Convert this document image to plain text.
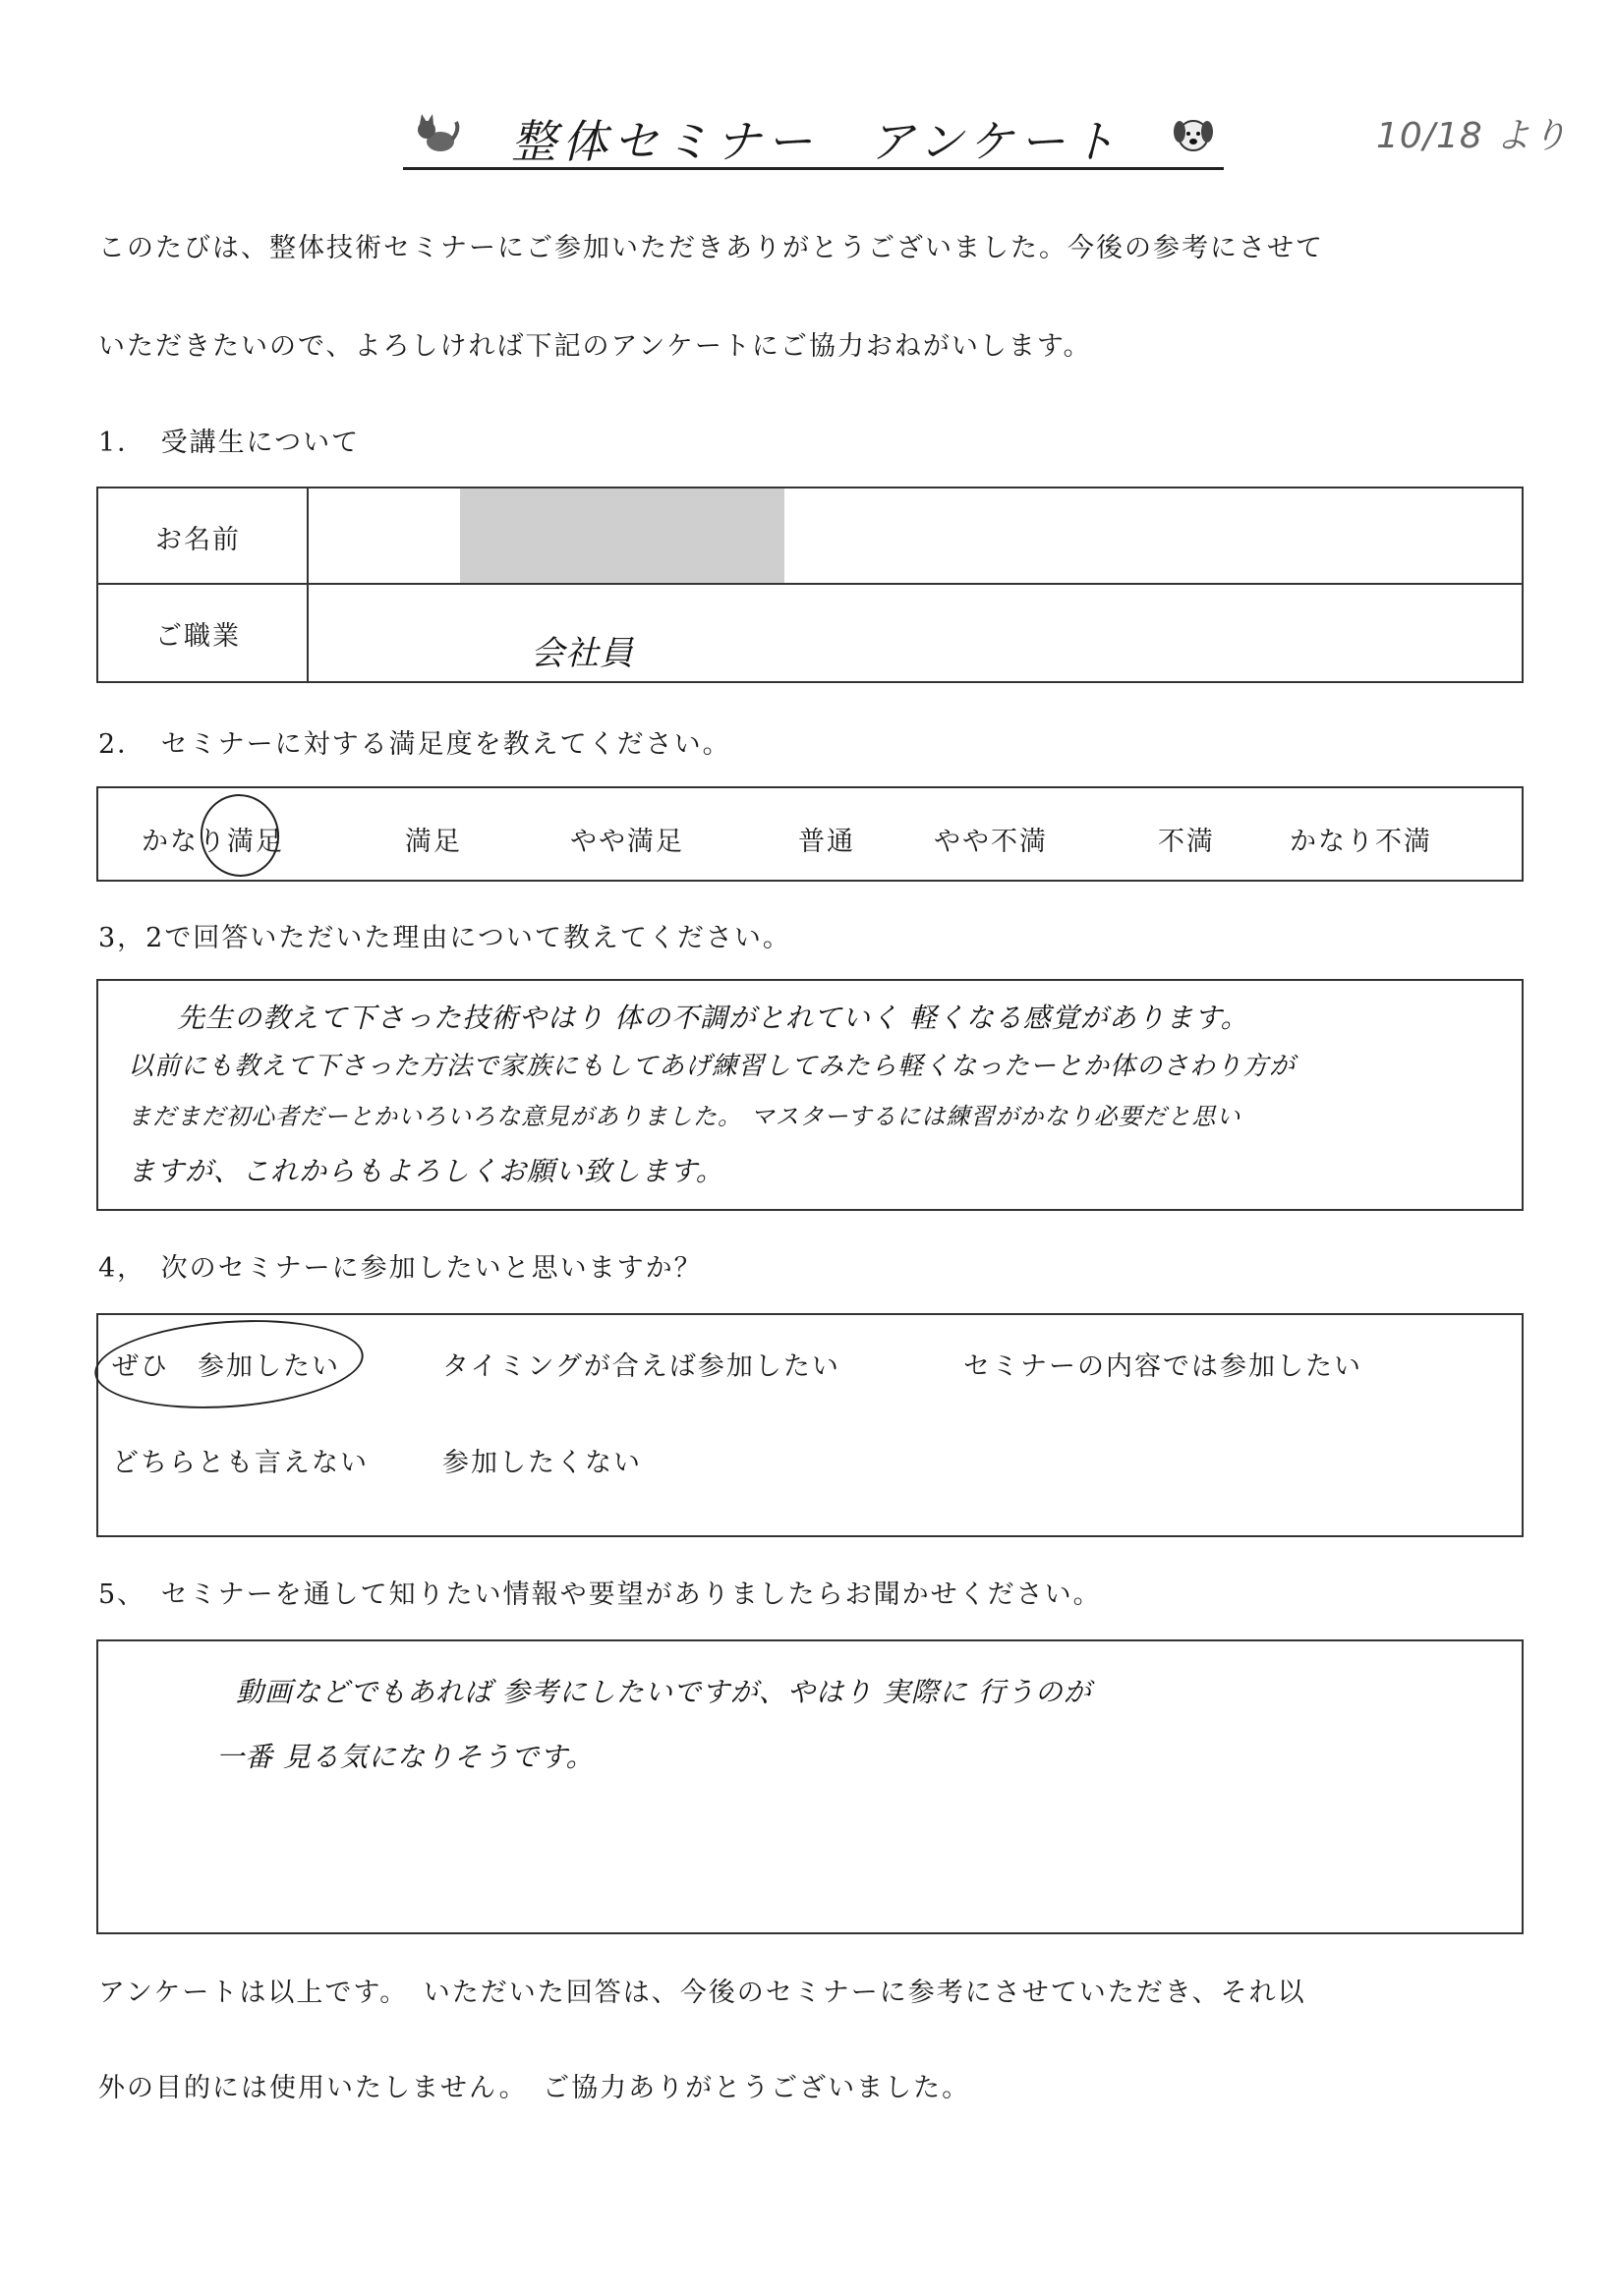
整体セミナー　アンケート	10/18 より
このたびは、整体技術セミナーにご参加いただきありがとうございました。今後の参考にさせて
いただきたいので、よろしければ下記のアンケートにご協力おねがいします。
1．　受講生について
お名前
ご職業	会社員
2．　セミナーに対する満足度を教えてください。
かなり満足	満足	やや満足	普通	やや不満	不満	かなり不満
3，2で回答いただいた理由について教えてください。
先生の教えて下さった技術やはり 体の不調がとれていく 軽くなる感覚があります。
以前にも教えて下さった方法で家族にもしてあげ練習してみたら軽くなったーとか体のさわり方が
まだまだ初心者だーとかいろいろな意見がありました。 マスターするには練習がかなり必要だと思い
ますが、これからもよろしくお願い致します。
4，　次のセミナーに参加したいと思いますか？
ぜひ　参加したい	タイミングが合えば参加したい	セミナーの内容では参加したい
どちらとも言えない	参加したくない
5、　セミナーを通して知りたい情報や要望がありましたらお聞かせください。
動画などでもあれば 参考にしたいですが、やはり 実際に 行うのが
一番 見る気になりそうです。
アンケートは以上です。　いただいた回答は、今後のセミナーに参考にさせていただき、それ以
外の目的には使用いたしません。　ご協力ありがとうございました。
